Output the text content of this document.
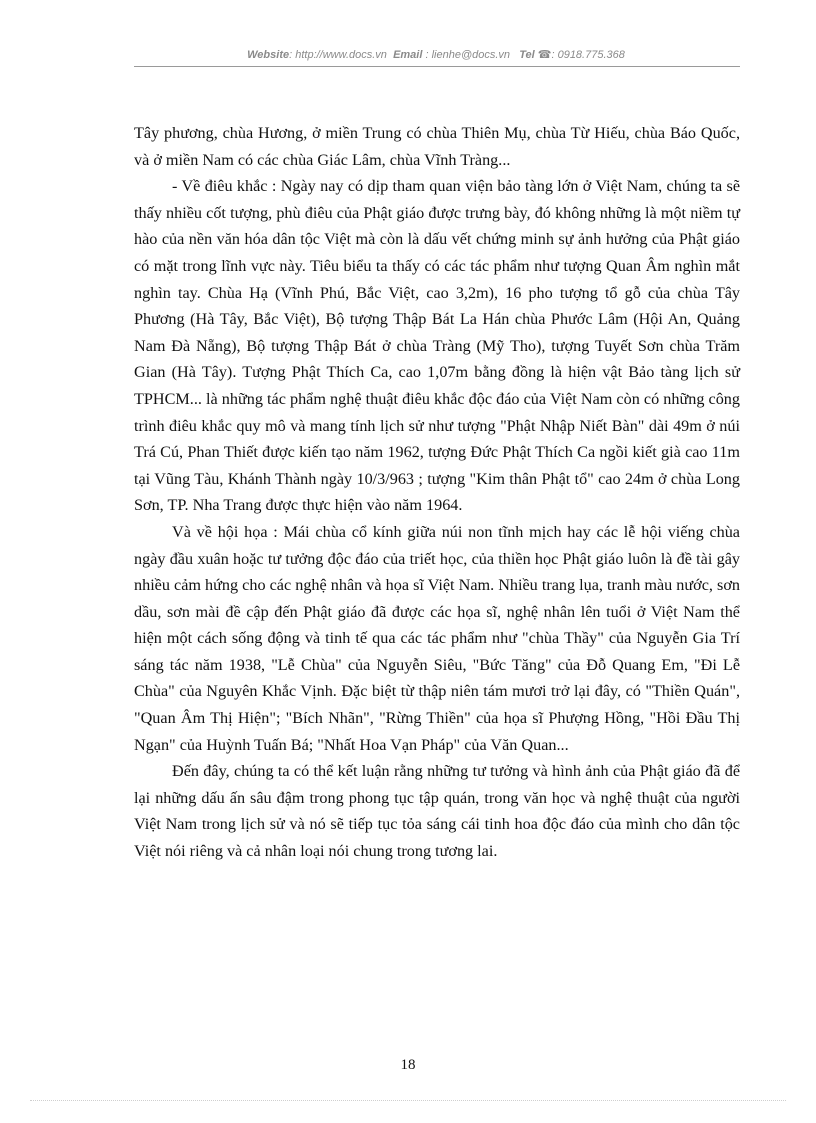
Website: http://www.docs.vn Email : lienhe@docs.vn Tel ☎: 0918.775.368

Tây phương, chùa Hương, ở miền Trung có chùa Thiên Mụ, chùa Từ Hiếu, chùa Báo Quốc, và ở miền Nam có các chùa Giác Lâm, chùa Vĩnh Tràng...

- Về điêu khắc : Ngày nay có dịp tham quan viện bảo tàng lớn ở Việt Nam, chúng ta sẽ thấy nhiều cốt tượng, phù điêu của Phật giáo được trưng bày, đó không những là một niềm tự hào của nền văn hóa dân tộc Việt mà còn là dấu vết chứng minh sự ảnh hưởng của Phật giáo có mặt trong lĩnh vực này. Tiêu biểu ta thấy có các tác phẩm như tượng Quan Âm nghìn mắt nghìn tay. Chùa Hạ (Vĩnh Phú, Bắc Việt, cao 3,2m), 16 pho tượng tổ gỗ của chùa Tây Phương (Hà Tây, Bắc Việt), Bộ tượng Thập Bát La Hán chùa Phước Lâm (Hội An, Quảng Nam Đà Nẵng), Bộ tượng Thập Bát ở chùa Tràng (Mỹ Tho), tượng Tuyết Sơn chùa Trăm Gian (Hà Tây). Tượng Phật Thích Ca, cao 1,07m bằng đồng là hiện vật Bảo tàng lịch sử TPHCM... là những tác phẩm nghệ thuật điêu khắc độc đáo của Việt Nam còn có những công trình điêu khắc quy mô và mang tính lịch sử như tượng "Phật Nhập Niết Bàn" dài 49m ở núi Trá Cú, Phan Thiết được kiến tạo năm 1962, tượng Đức Phật Thích Ca ngồi kiết già cao 11m tại Vũng Tàu, Khánh Thành ngày 10/3/963 ; tượng "Kim thân Phật tổ" cao 24m ở chùa Long Sơn, TP. Nha Trang được thực hiện vào năm 1964.

Và về hội họa : Mái chùa cổ kính giữa núi non tĩnh mịch hay các lễ hội viếng chùa ngày đầu xuân hoặc tư tưởng độc đáo của triết học, của thiền học Phật giáo luôn là đề tài gây nhiều cảm hứng cho các nghệ nhân và họa sĩ Việt Nam. Nhiều trang lụa, tranh màu nước, sơn dầu, sơn mài đề cập đến Phật giáo đã được các họa sĩ, nghệ nhân lên tuổi ở Việt Nam thể hiện một cách sống động và tinh tế qua các tác phẩm như "chùa Thầy" của Nguyễn Gia Trí sáng tác năm 1938, "Lễ Chùa" của Nguyễn Siêu, "Bức Tăng" của Đỗ Quang Em, "Đi Lễ Chùa" của Nguyên Khắc Vịnh. Đặc biệt từ thập niên tám mươi trở lại đây, có "Thiền Quán", "Quan Âm Thị Hiện"; "Bích Nhãn", "Rừng Thiền" của họa sĩ Phượng Hồng, "Hồi Đầu Thị Ngạn" của Huỳnh Tuấn Bá; "Nhất Hoa Vạn Pháp" của Văn Quan...

Đến đây, chúng ta có thể kết luận rằng những tư tưởng và hình ảnh của Phật giáo đã để lại những dấu ấn sâu đậm trong phong tục tập quán, trong văn học và nghệ thuật của người Việt Nam trong lịch sử và nó sẽ tiếp tục tỏa sáng cái tinh hoa độc đáo của mình cho dân tộc Việt nói riêng và cả nhân loại nói chung trong tương lai.

18
